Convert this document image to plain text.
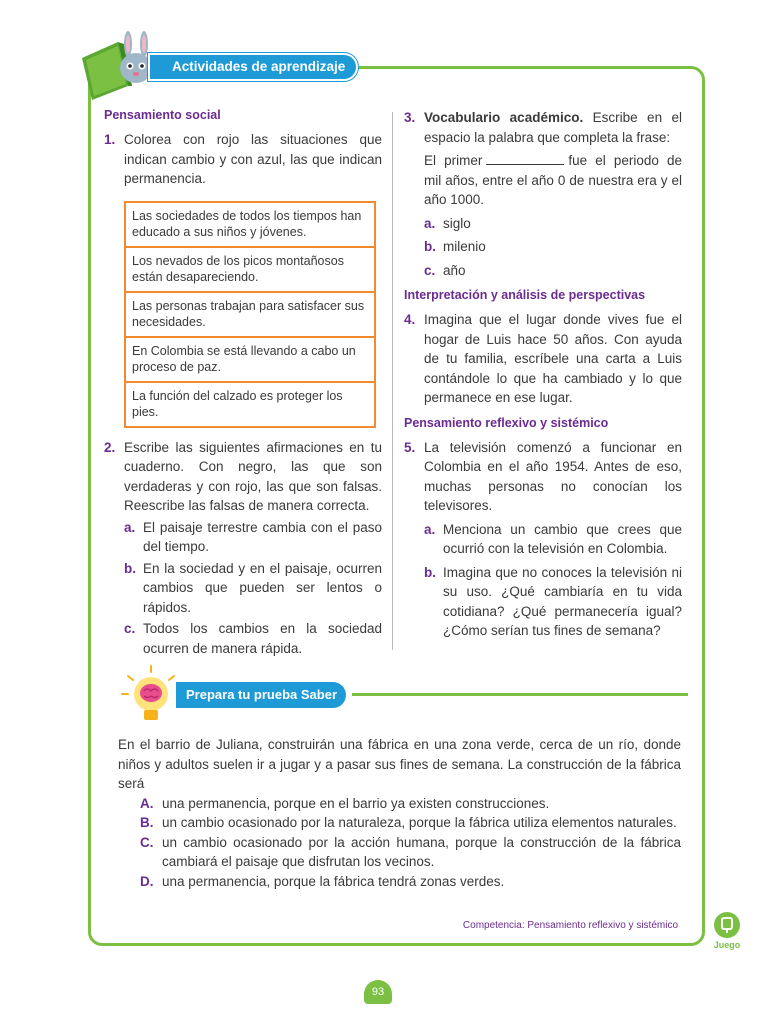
Actividades de aprendizaje
Pensamiento social
1. Colorea con rojo las situaciones que indican cambio y con azul, las que indican permanencia.
Las sociedades de todos los tiempos han educado a sus niños y jóvenes.
Los nevados de los picos montañosos están desapareciendo.
Las personas trabajan para satisfacer sus necesidades.
En Colombia se está llevando a cabo un proceso de paz.
La función del calzado es proteger los pies.
2. Escribe las siguientes afirmaciones en tu cuaderno. Con negro, las que son verdaderas y con rojo, las que son falsas. Reescribe las falsas de manera correcta.
a. El paisaje terrestre cambia con el paso del tiempo.
b. En la sociedad y en el paisaje, ocurren cambios que pueden ser lentos o rápidos.
c. Todos los cambios en la sociedad ocurren de manera rápida.
3. Vocabulario académico. Escribe en el espacio la palabra que completa la frase:
El primer	fue el periodo de mil años, entre el año 0 de nuestra era y el año 1000.
a. siglo
b. milenio
c. año
Interpretación y análisis de perspectivas
4. Imagina que el lugar donde vives fue el hogar de Luis hace 50 años. Con ayuda de tu familia, escríbele una carta a Luis contándole lo que ha cambiado y lo que permanece en ese lugar.
Pensamiento reflexivo y sistémico
5. La televisión comenzó a funcionar en Colombia en el año 1954. Antes de eso, muchas personas no conocían los televisores.
a. Menciona un cambio que crees que ocurrió con la televisión en Colombia.
b. Imagina que no conoces la televisión ni su uso. ¿Qué cambiaría en tu vida cotidiana? ¿Qué permanecería igual? ¿Cómo serían tus fines de semana?
Prepara tu prueba Saber
En el barrio de Juliana, construirán una fábrica en una zona verde, cerca de un río, donde niños y adultos suelen ir a jugar y a pasar sus fines de semana. La construcción de la fábrica será
A. una permanencia, porque en el barrio ya existen construcciones.
B. un cambio ocasionado por la naturaleza, porque la fábrica utiliza elementos naturales.
C. un cambio ocasionado por la acción humana, porque la construcción de la fábrica cambiará el paisaje que disfrutan los vecinos.
D. una permanencia, porque la fábrica tendrá zonas verdes.
Competencia: Pensamiento reflexivo y sistémico
Juego
93
